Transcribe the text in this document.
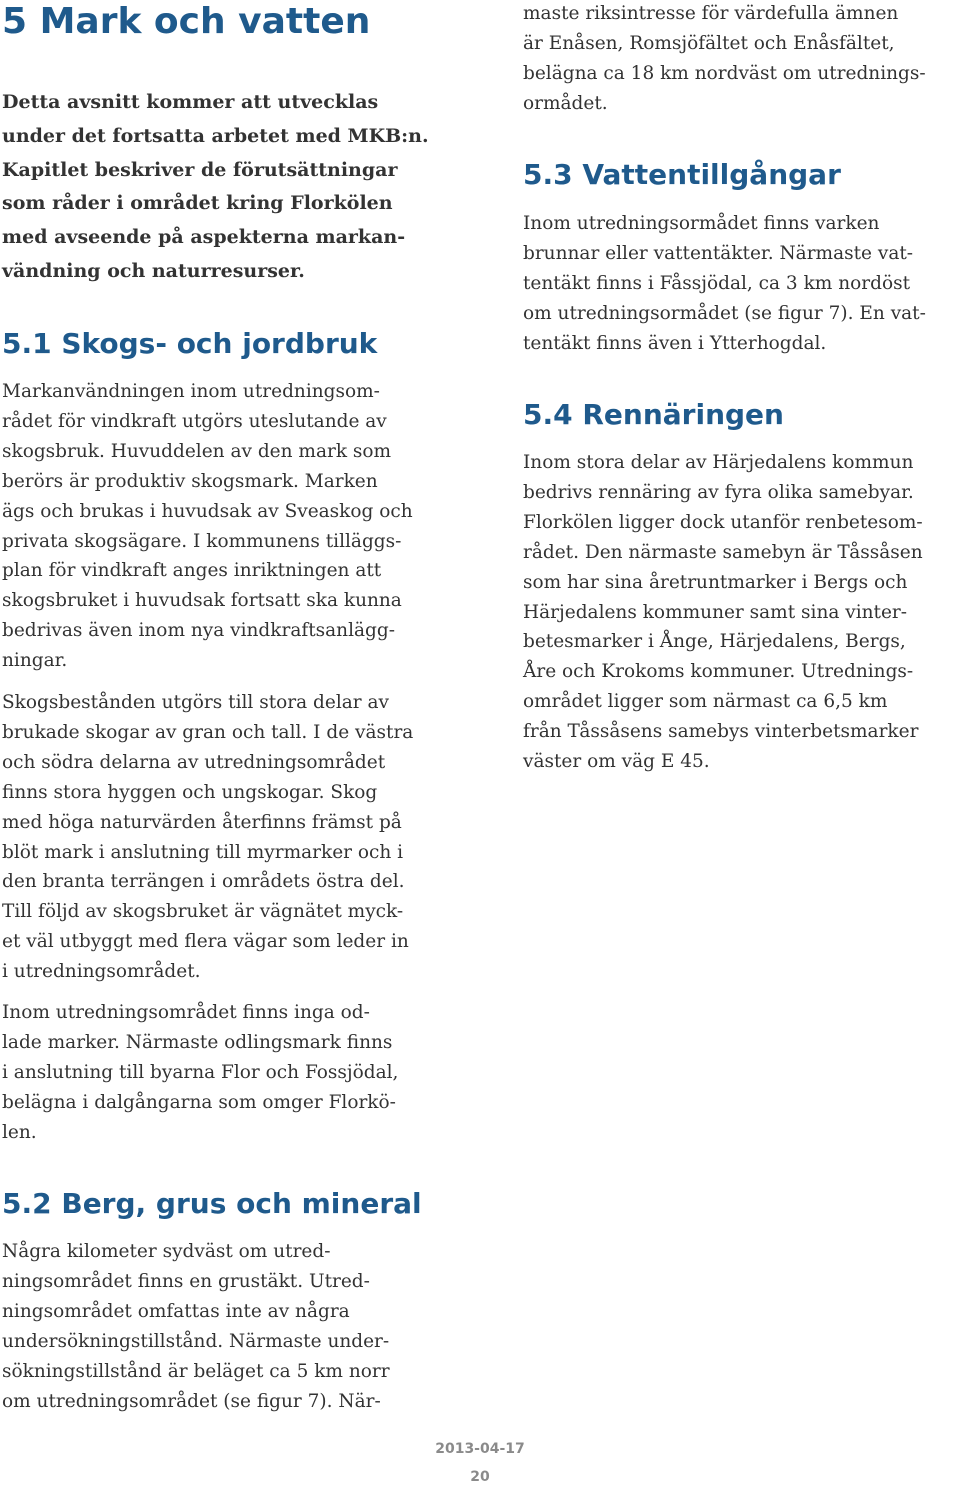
5 Mark och vatten
Detta avsnitt kommer att utvecklas
under det fortsatta arbetet med MKB:n.
Kapitlet beskriver de förutsättningar
som råder i området kring Florkölen
med avseende på aspekterna markan-
vändning och naturresurser.
5.1 Skogs- och jordbruk
Markanvändningen inom utredningsom-
rådet för vindkraft utgörs uteslutande av
skogsbruk. Huvuddelen av den mark som
berörs är produktiv skogsmark. Marken
ägs och brukas i huvudsak av Sveaskog och
privata skogsägare. I kommunens tilläggs-
plan för vindkraft anges inriktningen att
skogsbruket i huvudsak fortsatt ska kunna
bedrivas även inom nya vindkraftsanlägg-
ningar.
Skogsbestånden utgörs till stora delar av
brukade skogar av gran och tall. I de västra
och södra delarna av utredningsområdet
finns stora hyggen och ungskogar. Skog
med höga naturvärden återfinns främst på
blöt mark i anslutning till myrmarker och i
den branta terrängen i områdets östra del.
Till följd av skogsbruket är vägnätet myck-
et väl utbyggt med flera vägar som leder in
i utredningsområdet.
Inom utredningsområdet finns inga od-
lade marker. Närmaste odlingsmark finns
i anslutning till byarna Flor och Fossjödal,
belägna i dalgångarna som omger Florkö-
len.
5.2 Berg, grus och mineral
Några kilometer sydväst om utred-
ningsområdet finns en grustäkt. Utred-
ningsområdet omfattas inte av några
undersökningstillstånd. Närmaste under-
sökningstillstånd är beläget ca 5 km norr
om utredningsområdet (se figur 7). När-
maste riksintresse för värdefulla ämnen
är Enåsen, Romsjöfältet och Enåsfältet,
belägna ca 18 km nordväst om utrednings-
ormådet.
5.3 Vattentillgångar
Inom utredningsormådet finns varken
brunnar eller vattentäkter. Närmaste vat-
tentäkt finns i Fåssjödal, ca 3 km nordöst
om utredningsormådet (se figur 7). En vat-
tentäkt finns även i Ytterhogdal.
5.4 Rennäringen
Inom stora delar av Härjedalens kommun
bedrivs rennäring av fyra olika samebyar.
Florkölen ligger dock utanför renbetesom-
rådet. Den närmaste samebyn är Tåssåsen
som har sina åretruntmarker i Bergs och
Härjedalens kommuner samt sina vinter-
betesmarker i Ånge, Härjedalens, Bergs,
Åre och Krokoms kommuner. Utrednings-
området ligger som närmast ca 6,5 km
från Tåssåsens samebys vinterbetsmarker
väster om väg E 45.
2013-04-17
20
